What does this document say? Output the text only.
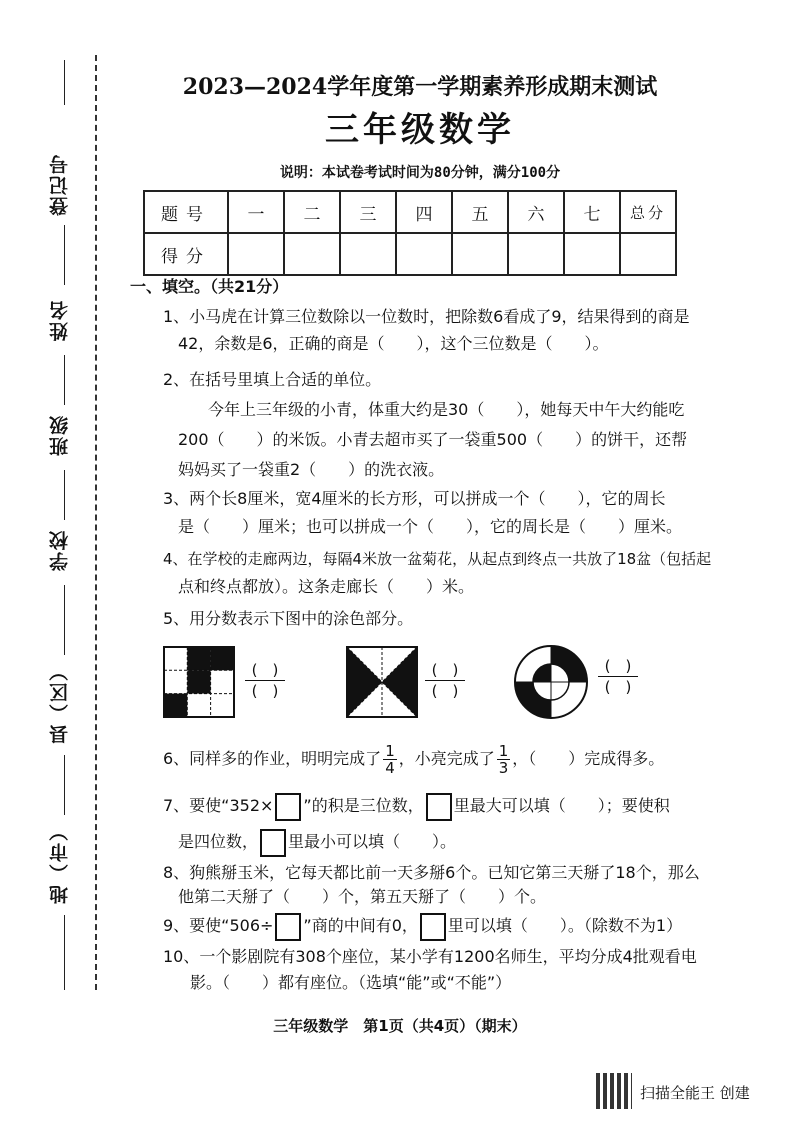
登记号
姓名
班级
学校
县（区）
地（市）
2023—2024学年度第一学期素养形成期末测试
三年级数学
说明：本试卷考试时间为80分钟，满分100分
题号	一	二	三	四	五	六	七	总分
得分								
一、填空。（共21分）
1、小马虎在计算三位数除以一位数时，把除数6看成了9，结果得到的商是
42，余数是6，正确的商是（　　），这个三位数是（　　）。
2、在括号里填上合适的单位。
今年上三年级的小青，体重大约是30（　　），她每天中午大约能吃
200（　　）的米饭。小青去超市买了一袋重500（　　）的饼干，还帮
妈妈买了一袋重2（　　）的洗衣液。
3、两个长8厘米，宽4厘米的长方形，可以拼成一个（　　），它的周长
是（　　）厘米；也可以拼成一个（　　），它的周长是（　　）厘米。
4、在学校的走廊两边，每隔4米放一盆菊花，从起点到终点一共放了18盆（包括起
点和终点都放）。这条走廊长（　　）米。
5、用分数表示下图中的涂色部分。
(　)
(　)
(　)
(　)
(　)
(　)
6、同样多的作业，明明完成了 $\frac{1}{4}$ ，小亮完成了 $\frac{1}{3}$ ，（　　）完成得多。
7、要使“352× ”的积是三位数， 里最大可以填（　　）；要使积
是四位数， 里最小可以填（　　）。
8、狗熊掰玉米，它每天都比前一天多掰6个。已知它第三天掰了18个，那么
他第二天掰了（　　）个，第五天掰了（　　）个。
9、要使“506÷ ”商的中间有0， 里可以填（　　）。（除数不为1）
10、一个影剧院有308个座位，某小学有1200名师生，平均分成4批观看电
影。（　　）都有座位。（选填“能”或“不能”）
三年级数学　第1页（共4页）（期末）
扫描全能王 创建
